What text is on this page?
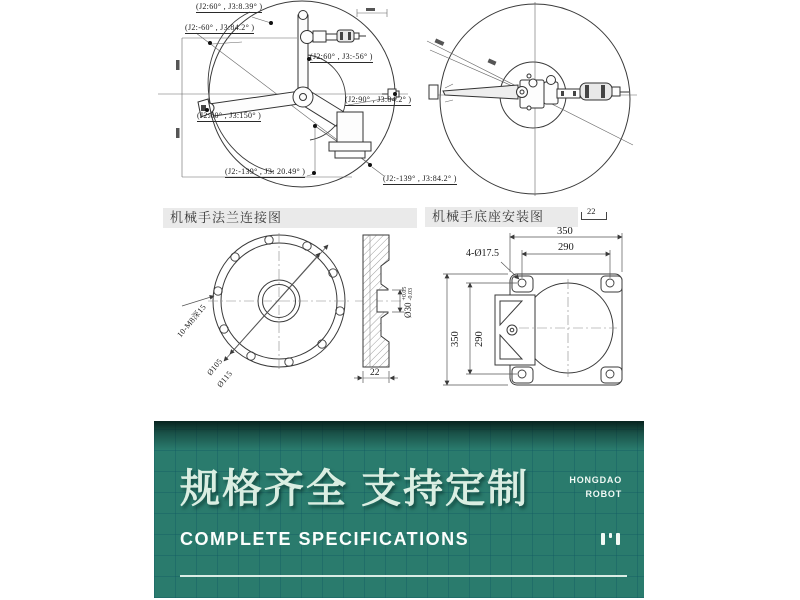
机械手法兰连接图
10-M8深15
Ø105
Ø115
Ø30
+0.05 -0.03
22
机械手底座安装图	22
350
290
4-Ø17.5
350 290
(J2:60° , J3:8.39° )
(J2:-60° , J3:84.2° )
(J2:60° , J3:-56° )
(J2:90° , J3:84.2° )
(J2:60° , J3:150° )
(J2:-139° , J3: 20.49° )
(J2:-139° , J3:84.2° )
规格齐全 支持定制	HONGDAO
ROBOT
COMPLETE SPECIFICATIONS
